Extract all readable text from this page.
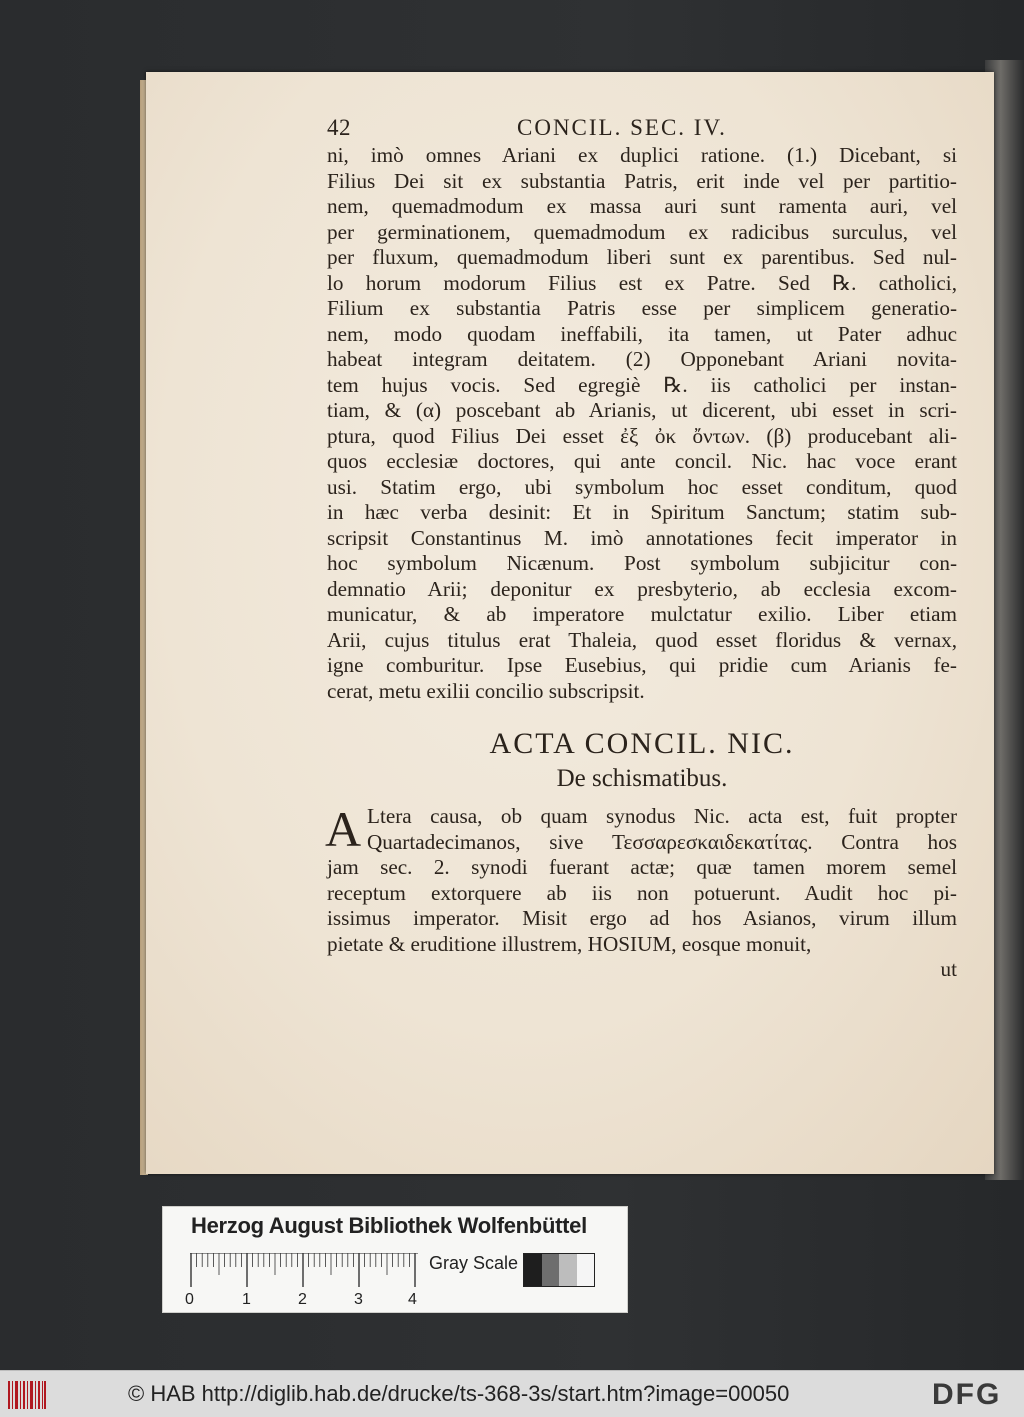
42	CONCIL. SEC. IV.
ni, imò omnes Ariani ex duplici ratione. (1.) Dicebant, si
Filius Dei sit ex substantia Patris, erit inde vel per partitio-
nem, quemadmodum ex massa auri sunt ramenta auri, vel
per germinationem, quemadmodum ex radicibus surculus, vel
per fluxum, quemadmodum liberi sunt ex parentibus. Sed nul-
lo horum modorum Filius est ex Patre. Sed ℞. catholici,
Filium ex substantia Patris esse per simplicem generatio-
nem, modo quodam ineffabili, ita tamen, ut Pater adhuc
habeat integram deitatem. (2) Opponebant Ariani novita-
tem hujus vocis. Sed egregiè ℞. iis catholici per instan-
tiam, & (α) poscebant ab Arianis, ut dicerent, ubi esset in scri-
ptura, quod Filius Dei esset ἐξ ὀκ ὄντων. (β) producebant ali-
quos ecclesiæ doctores, qui ante concil. Nic. hac voce erant
usi. Statim ergo, ubi symbolum hoc esset conditum, quod
in hæc verba desinit: Et in Spiritum Sanctum; statim sub-
scripsit Constantinus M. imò annotationes fecit imperator in
hoc symbolum Nicænum. Post symbolum subjicitur con-
demnatio Arii; deponitur ex presbyterio, ab ecclesia excom-
municatur, & ab imperatore mulctatur exilio. Liber etiam
Arii, cujus titulus erat Thaleia, quod esset floridus & vernax,
igne comburitur. Ipse Eusebius, qui pridie cum Arianis fe-
cerat, metu exilii concilio subscripsit.
ACTA CONCIL. NIC.
De schismatibus.
A Ltera causa, ob quam synodus Nic. acta est, fuit propter
Quartadecimanos, sive Τεσσαρεσκαιδεκατίτας. Contra hos
jam sec. 2. synodi fuerant actæ; quæ tamen morem semel
receptum extorquere ab iis non potuerunt. Audit hoc pi-
issimus imperator. Misit ergo ad hos Asianos, virum illum
pietate & eruditione illustrem, HOSIUM, eosque monuit,
ut
Herzog August Bibliothek Wolfenbüttel
0	1	2	3	4
Gray Scale
© HAB http://diglib.hab.de/drucke/ts-368-3s/start.htm?image=00050	DFG
